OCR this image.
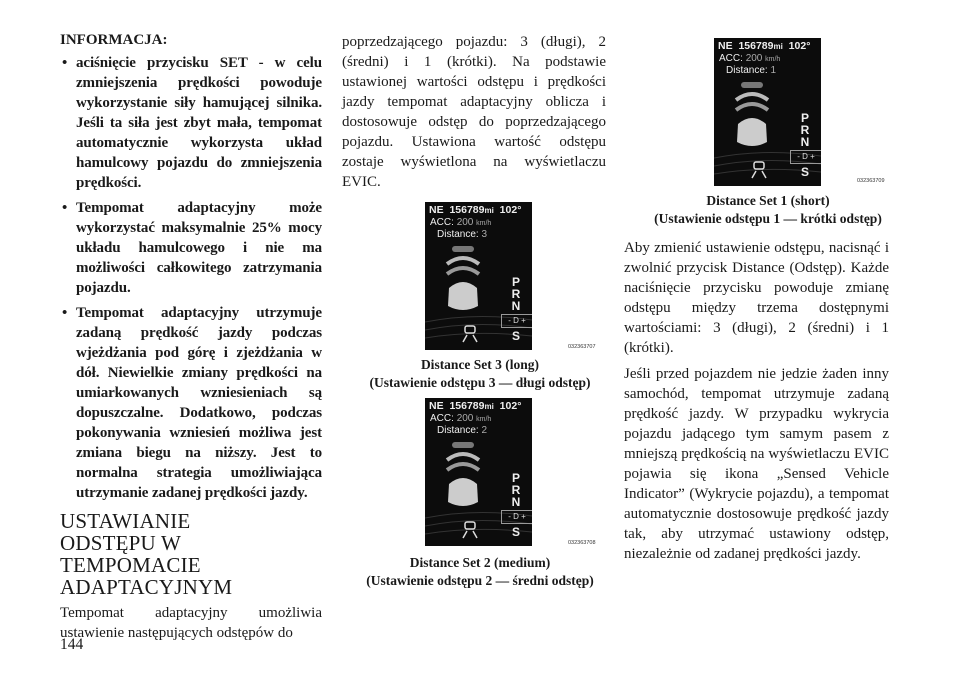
INFORMACJA:
• aciśnięcie przycisku SET - w celu zmniejszenia prędkości powoduje wykorzystanie siły hamującej silnika. Jeśli ta siła jest zbyt mała, tempomat automatycznie wykorzysta układ hamulcowy pojazdu do zmniejszenia prędkości.
• Tempomat adaptacyjny może wykorzystać maksymalnie 25% mocy układu hamulcowego i nie ma możliwości całkowitego zatrzymania pojazdu.
• Tempomat adaptacyjny utrzymuje zadaną prędkość jazdy podczas wjeżdżania pod górę i zjeżdżania w dół. Niewielkie zmiany prędkości na umiarkowanych wzniesieniach są dopuszczalne. Dodatkowo, podczas pokonywania wzniesień możliwa jest zmiana biegu na niższy. Jest to normalna strategia umożliwiająca utrzymanie zadanej prędkości jazdy.
USTAWIANIE ODSTĘPU W TEMPOMACIE ADAPTACYJNYM

Tempomat adaptacyjny umożliwia ustawienie następujących odstępów do

poprzedzającego pojazdu: 3 (długi), 2 (średni) i 1 (krótki). Na podstawie ustawionej wartości odstępu i prędkości jazdy tempomat adaptacyjny oblicza i dostosowuje odstęp do poprzedzającego pojazdu. Ustawiona wartość odstępu zostaje wyświetlona na wyświetlaczu EVIC.

Aby zmienić ustawienie odstępu, nacisnąć i zwolnić przycisk Distance (Odstęp). Każde naciśnięcie przycisku powoduje zmianę odstępu między trzema dostępnymi wartościami: 3 (długi), 2 (średni) i 1 (krótki).

Jeśli przed pojazdem nie jedzie żaden inny samochód, tempomat utrzymuje zadaną prędkość jazdy. W przypadku wykrycia pojazdu jadącego tym samym pasem z mniejszą prędkością na wyświetlaczu EVIC pojawia się ikona „Sensed Vehicle Indicator” (Wykrycie pojazdu), a tempomat automatycznie dostosowuje prędkość jazdy tak, aby utrzymać ustawiony odstęp, niezależnie od zadanej prędkości jazdy.

NE 156789mi 102°
ACC: 200 km/h
Distance: 3
P R N
- D +
S
032363707
Distance Set 3 (long)
(Ustawienie odstępu 3 — długi odstęp)
NE 156789mi 102°
ACC: 200 km/h
Distance: 2
P R N
- D +
S
032363708
Distance Set 2 (medium)
(Ustawienie odstępu 2 — średni odstęp)
NE 156789mi 102°
ACC: 200 km/h
Distance: 1
P R N
- D +
S
032363709
Distance Set 1 (short)
(Ustawienie odstępu 1 — krótki odstęp)
144
